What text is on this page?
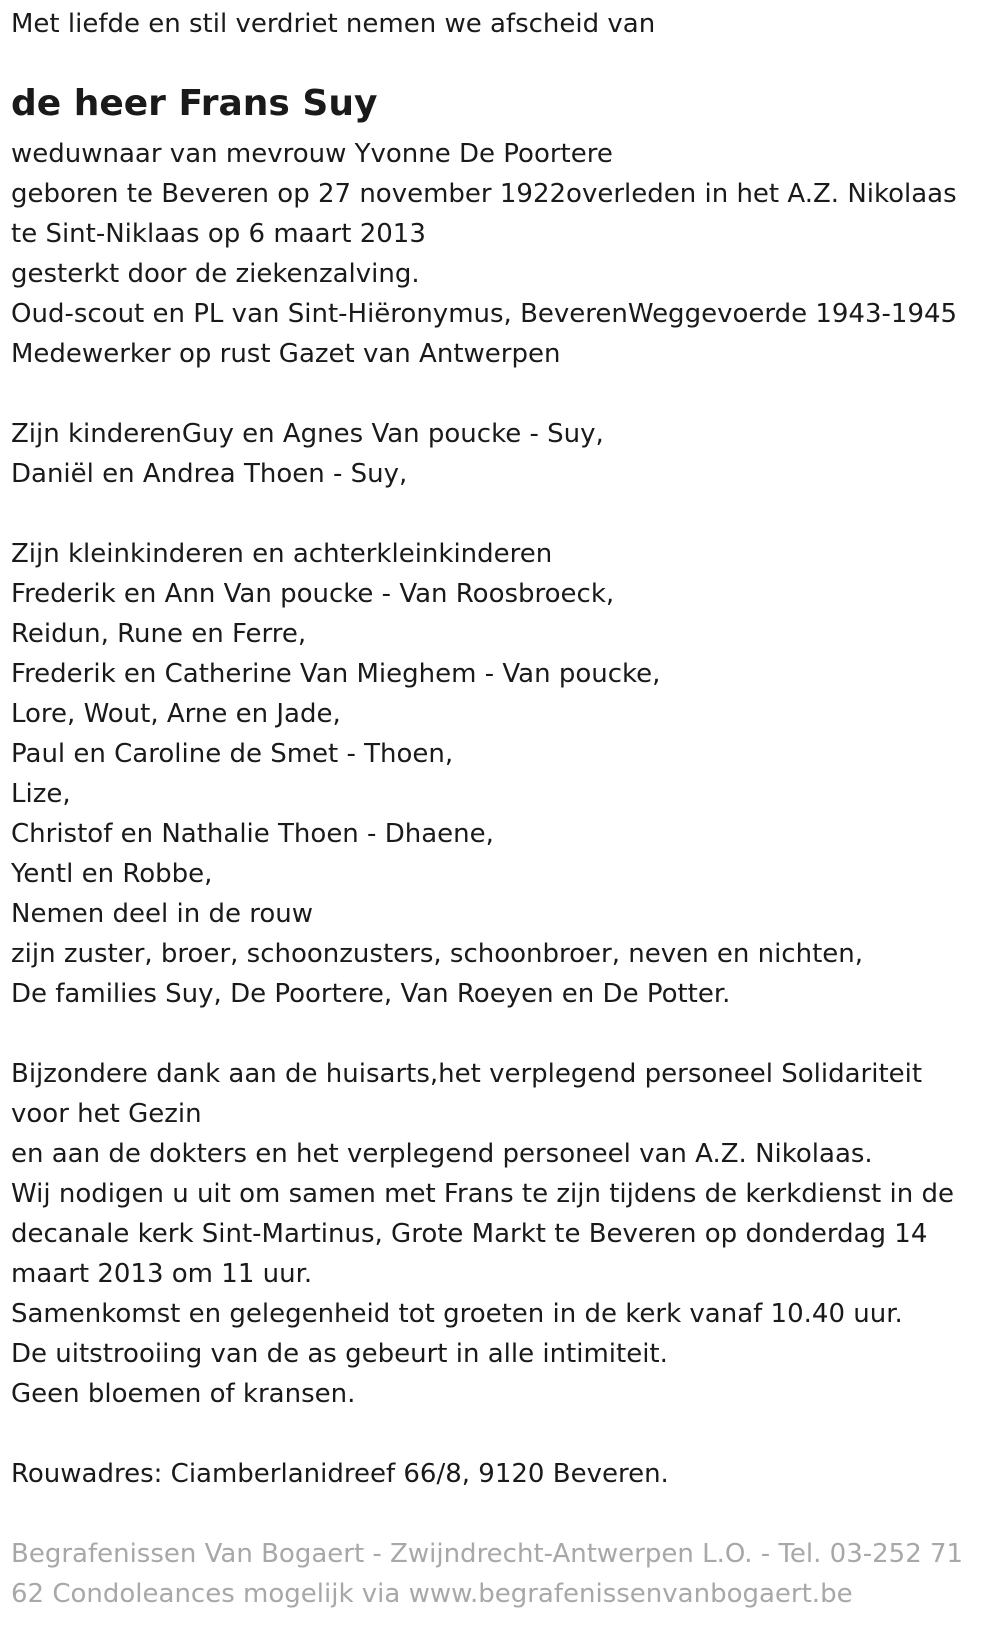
Met liefde en stil verdriet nemen we afscheid van
de heer Frans Suy
weduwnaar van mevrouw Yvonne De Poortere
geboren te Beveren op 27 november 1922overleden in het A.Z. Nikolaas
te Sint-Niklaas op 6 maart 2013
gesterkt door de ziekenzalving.
Oud-scout en PL van Sint-Hiëronymus, BeverenWeggevoerde 1943-1945
Medewerker op rust Gazet van Antwerpen
Zijn kinderenGuy en Agnes Van poucke - Suy,
Daniël en Andrea Thoen - Suy,
Zijn kleinkinderen en achterkleinkinderen
Frederik en Ann Van poucke - Van Roosbroeck,
Reidun, Rune en Ferre,
Frederik en Catherine Van Mieghem - Van poucke,
Lore, Wout, Arne en Jade,
Paul en Caroline de Smet - Thoen,
Lize,
Christof en Nathalie Thoen - Dhaene,
Yentl en Robbe,
Nemen deel in de rouw
zijn zuster, broer, schoonzusters, schoonbroer, neven en nichten,
De families Suy, De Poortere, Van Roeyen en De Potter.
Bijzondere dank aan de huisarts,het verplegend personeel Solidariteit
voor het Gezin
en aan de dokters en het verplegend personeel van A.Z. Nikolaas.
Wij nodigen u uit om samen met Frans te zijn tijdens de kerkdienst in de decanale kerk Sint-Martinus, Grote Markt te Beveren op donderdag 14 maart 2013 om 11 uur.
Samenkomst en gelegenheid tot groeten in de kerk vanaf 10.40 uur.
De uitstrooiing van de as gebeurt in alle intimiteit.
Geen bloemen of kransen.
Rouwadres: Ciamberlanidreef 66/8, 9120 Beveren.
Begrafenissen Van Bogaert - Zwijndrecht-Antwerpen L.O. - Tel. 03-252 71 62 Condoleances mogelijk via www.begrafenissenvanbogaert.be
